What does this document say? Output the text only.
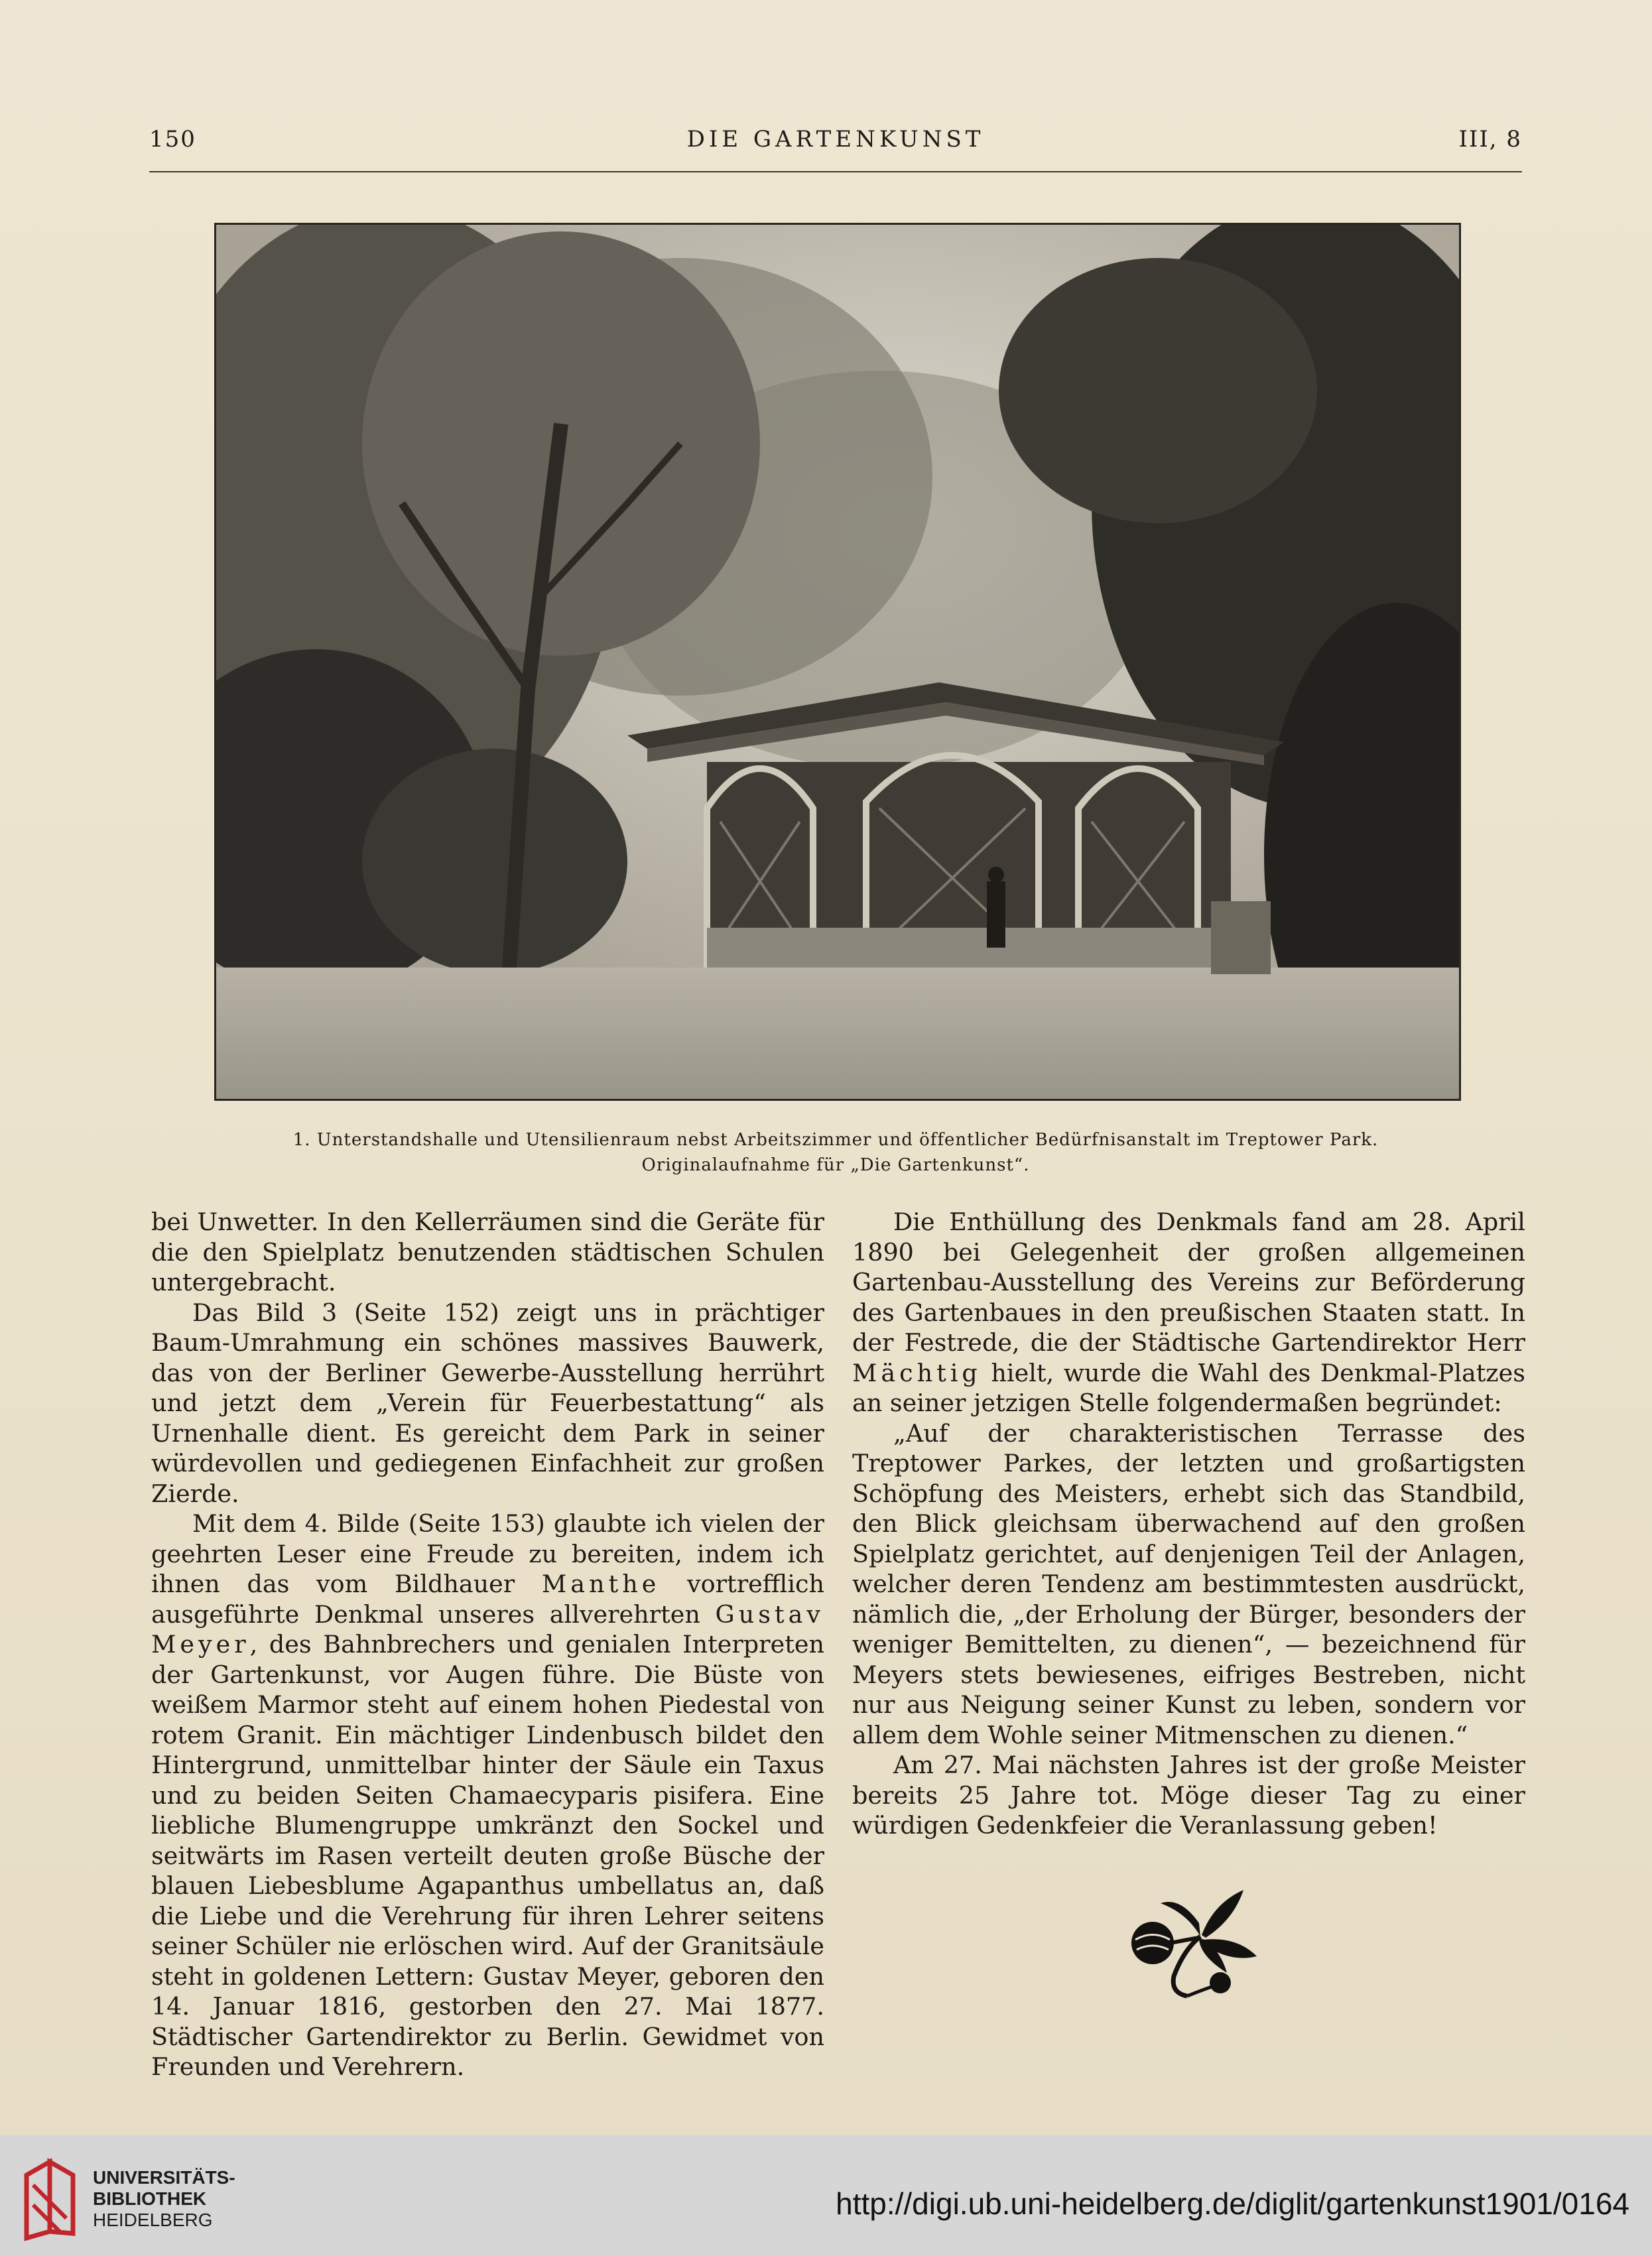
150	DIE GARTENKUNST	III, 8
1. Unterstandshalle und Utensilienraum nebst Arbeitszimmer und öffentlicher Bedürfnisanstalt im Treptower Park.
Originalaufnahme für „Die Gartenkunst“.

bei Unwetter. In den Kellerräumen sind die Geräte für die den Spielplatz benutzenden städtischen Schulen untergebracht.

Das Bild 3 (Seite 152) zeigt uns in prächtiger Baum-Umrahmung ein schönes massives Bauwerk, das von der Berliner Gewerbe-Ausstellung herrührt und jetzt dem „Verein für Feuerbestattung“ als Urnenhalle dient. Es gereicht dem Park in seiner würdevollen und gediegenen Einfachheit zur großen Zierde.

Mit dem 4. Bilde (Seite 153) glaubte ich vielen der geehrten Leser eine Freude zu bereiten, indem ich ihnen das vom Bildhauer Manthe vortrefflich ausgeführte Denkmal unseres allverehrten Gustav Meyer, des Bahnbrechers und genialen Interpreten der Gartenkunst, vor Augen führe. Die Büste von weißem Marmor steht auf einem hohen Piedestal von rotem Granit. Ein mächtiger Lindenbusch bildet den Hintergrund, unmittelbar hinter der Säule ein Taxus und zu beiden Seiten Chamaecyparis pisifera. Eine liebliche Blumengruppe umkränzt den Sockel und seitwärts im Rasen verteilt deuten große Büsche der blauen Liebesblume Agapanthus umbellatus an, daß die Liebe und die Verehrung für ihren Lehrer seitens seiner Schüler nie erlöschen wird. Auf der Granitsäule steht in goldenen Lettern: Gustav Meyer, geboren den 14. Januar 1816, gestorben den 27. Mai 1877. Städtischer Gartendirektor zu Berlin. Gewidmet von Freunden und Verehrern.

Die Enthüllung des Denkmals fand am 28. April 1890 bei Gelegenheit der großen allgemeinen Gartenbau-Ausstellung des Vereins zur Beförderung des Gartenbaues in den preußischen Staaten statt. In der Festrede, die der Städtische Gartendirektor Herr Mächtig hielt, wurde die Wahl des Denkmal-Platzes an seiner jetzigen Stelle folgendermaßen begründet:

„Auf der charakteristischen Terrasse des Treptower Parkes, der letzten und großartigsten Schöpfung des Meisters, erhebt sich das Standbild, den Blick gleichsam überwachend auf den großen Spielplatz gerichtet, auf denjenigen Teil der Anlagen, welcher deren Tendenz am bestimmtesten ausdrückt, nämlich die, „der Erholung der Bürger, besonders der weniger Bemittelten, zu dienen“, — bezeichnend für Meyers stets bewiesenes, eifriges Bestreben, nicht nur aus Neigung seiner Kunst zu leben, sondern vor allem dem Wohle seiner Mitmenschen zu dienen.“

Am 27. Mai nächsten Jahres ist der große Meister bereits 25 Jahre tot. Möge dieser Tag zu einer würdigen Gedenkfeier die Veranlassung geben!

UNIVERSITÄTS-
BIBLIOTHEK
HEIDELBERG	http://digi.ub.uni-heidelberg.de/diglit/gartenkunst1901/0164
